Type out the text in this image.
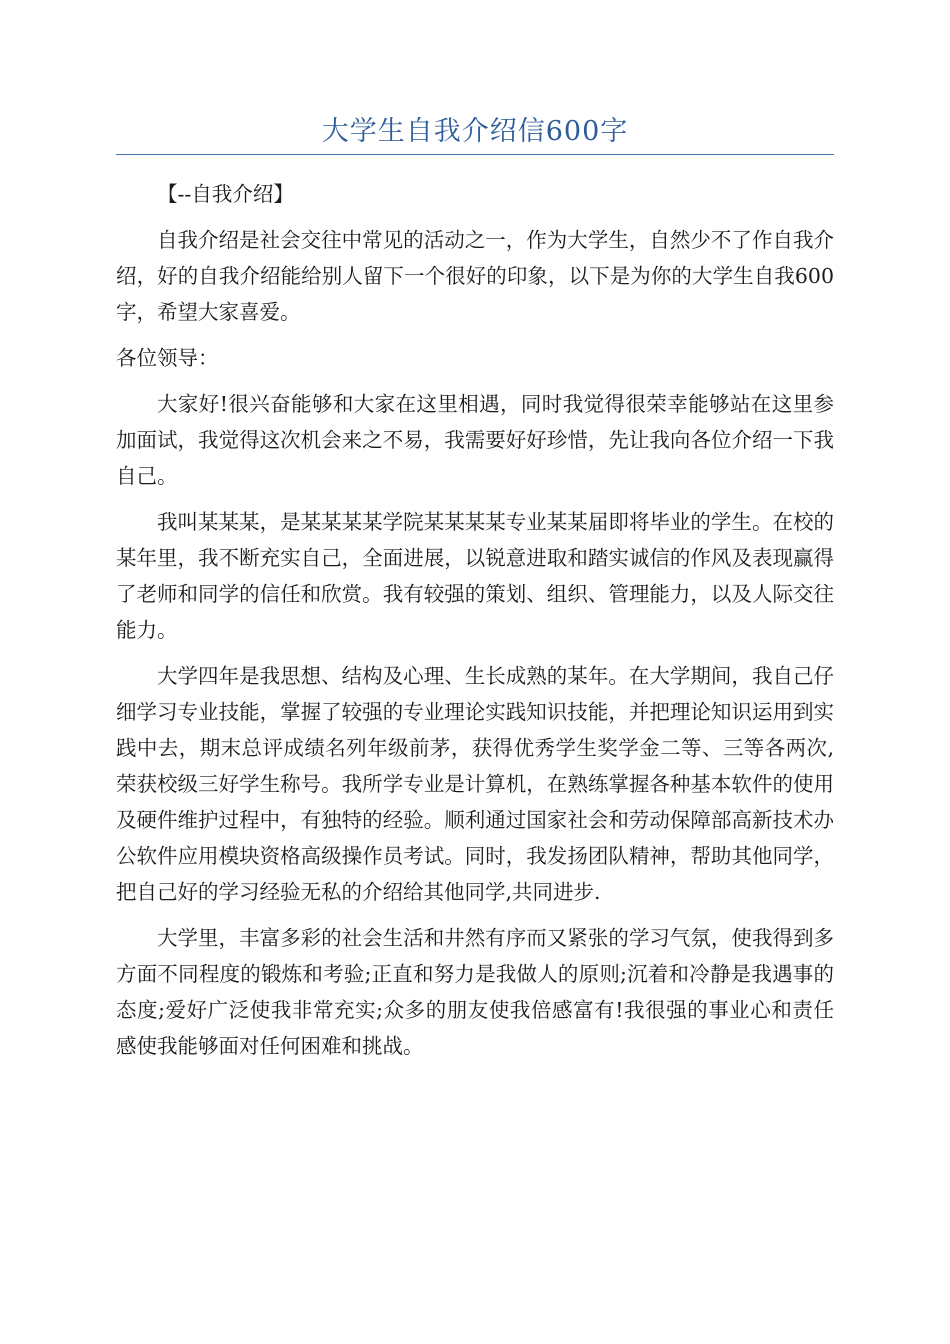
大学生自我介绍信600字

【--自我介绍】

自我介绍是社会交往中常见的活动之一，作为大学生，自然少不了作自我介绍，好的自我介绍能给别人留下一个很好的印象，以下是为你的大学生自我600字，希望大家喜爱。

各位领导：

大家好!很兴奋能够和大家在这里相遇，同时我觉得很荣幸能够站在这里参加面试，我觉得这次机会来之不易，我需要好好珍惜，先让我向各位介绍一下我自己。

我叫某某某，是某某某某学院某某某某专业某某届即将毕业的学生。在校的某年里，我不断充实自己，全面进展，以锐意进取和踏实诚信的作风及表现赢得了老师和同学的信任和欣赏。我有较强的策划、组织、管理能力，以及人际交往能力。

大学四年是我思想、结构及心理、生长成熟的某年。在大学期间，我自己仔细学习专业技能，掌握了较强的专业理论实践知识技能，并把理论知识运用到实践中去，期末总评成绩名列年级前茅，获得优秀学生奖学金二等、三等各两次,荣获校级三好学生称号。我所学专业是计算机，在熟练掌握各种基本软件的使用及硬件维护过程中，有独特的经验。顺利通过国家社会和劳动保障部高新技术办公软件应用模块资格高级操作员考试。同时，我发扬团队精神，帮助其他同学，把自己好的学习经验无私的介绍给其他同学,共同进步.

大学里，丰富多彩的社会生活和井然有序而又紧张的学习气氛，使我得到多方面不同程度的锻炼和考验;正直和努力是我做人的原则;沉着和冷静是我遇事的态度;爱好广泛使我非常充实;众多的朋友使我倍感富有!我很强的事业心和责任感使我能够面对任何困难和挑战。
